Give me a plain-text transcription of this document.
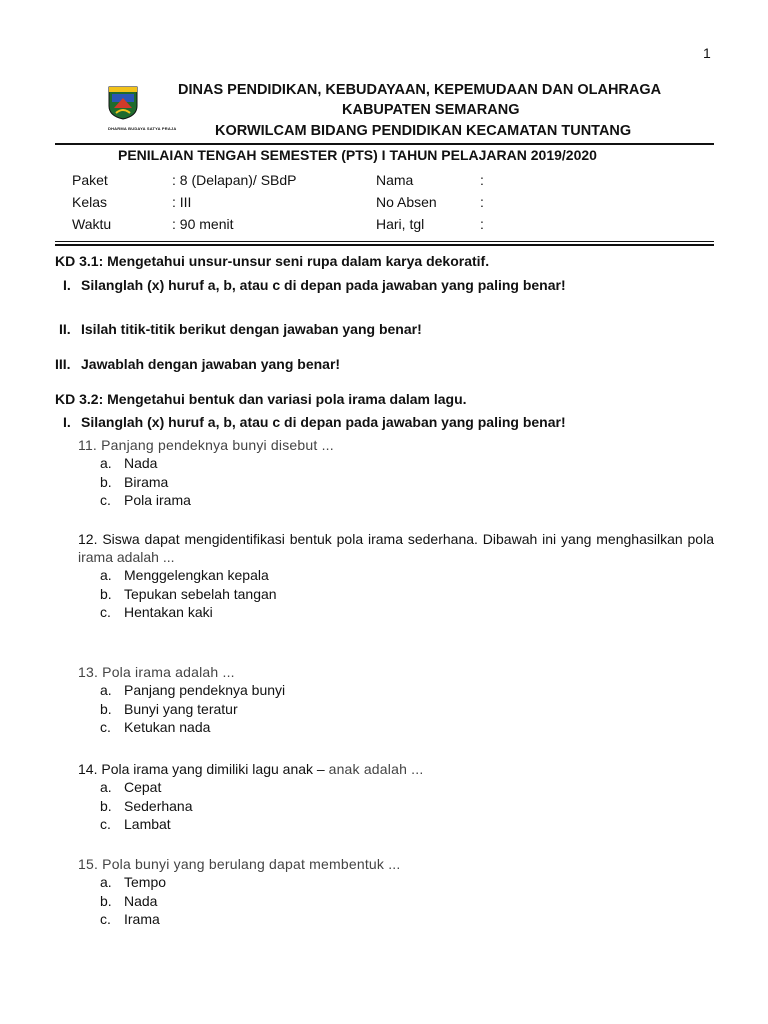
1
DHARMA BUDAYA SATYA PRAJA
DINAS PENDIDIKAN, KEBUDAYAAN, KEPEMUDAAN DAN OLAHRAGA
KABUPATEN SEMARANG
KORWILCAM BIDANG PENDIDIKAN KECAMATAN TUNTANG
PENILAIAN TENGAH SEMESTER (PTS) I TAHUN PELAJARAN 2019/2020
Paket	: 8 (Delapan)/ SBdP	Nama	:
Kelas	: III	No Absen	:
Waktu	: 90 menit	Hari, tgl	:
KD 3.1: Mengetahui unsur-unsur seni rupa dalam karya dekoratif.
I. Silanglah (x) huruf a, b, atau c di depan pada jawaban yang paling benar!
II. Isilah titik-titik berikut dengan jawaban yang benar!
III. Jawablah dengan jawaban yang benar!
KD 3.2: Mengetahui bentuk dan variasi pola irama dalam lagu.
I. Silanglah (x) huruf a, b, atau c di depan pada jawaban yang paling benar!

11. Panjang pendeknya bunyi disebut ...

a. Nada
b. Birama
c. Pola irama

12. Siswa dapat mengidentifikasi bentuk pola irama sederhana. Dibawah ini yang menghasilkan pola

irama adalah ...

a. Menggelengkan kepala
b. Tepukan sebelah tangan
c. Hentakan kaki

13. Pola irama adalah ...

a. Panjang pendeknya bunyi
b. Bunyi yang teratur
c. Ketukan nada

14. Pola irama yang dimiliki lagu anak – anak adalah ...

a. Cepat
b. Sederhana
c. Lambat

15. Pola bunyi yang berulang dapat membentuk ...

a. Tempo
b. Nada
c. Irama
